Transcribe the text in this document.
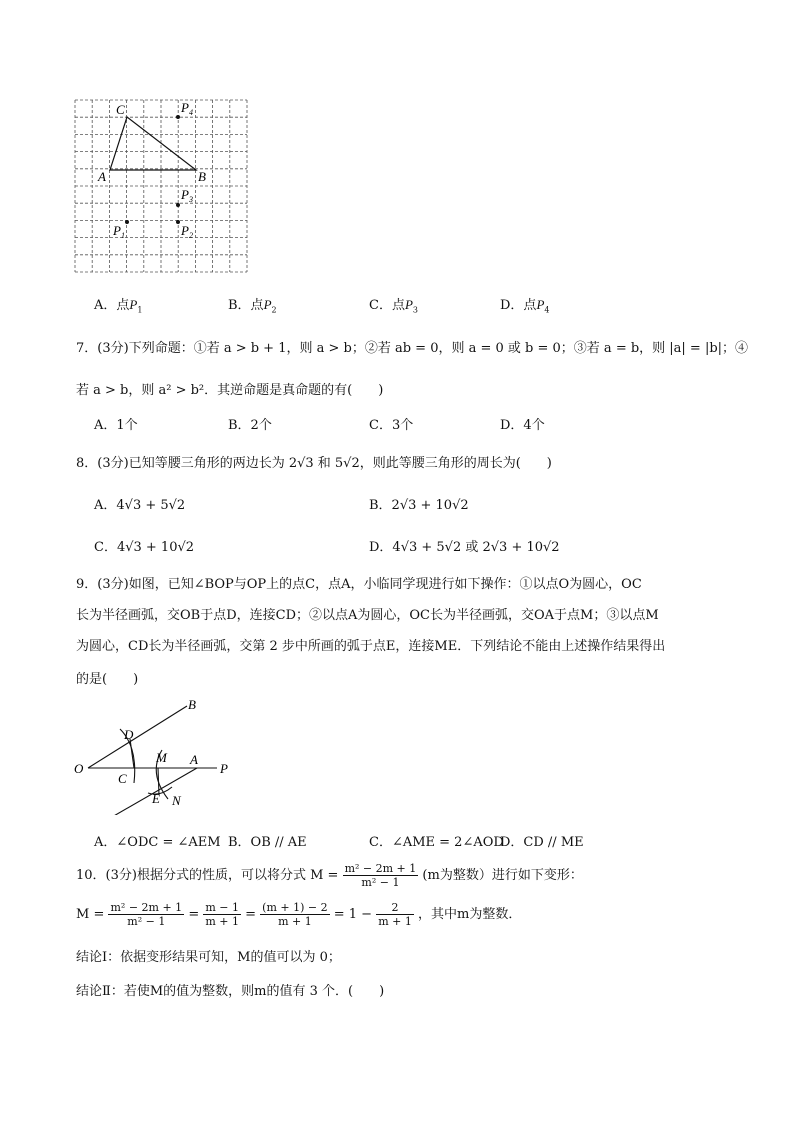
C
A	B
$P_4$
$P_3$
$P_2$
$P_1$
A．点$P_1$	B．点$P_2$	C．点$P_3$	D．点$P_4$
7．(3分)下列命题：①若 a > b + 1，则 a > b；②若 ab = 0，则 a = 0 或 b = 0；③若 a = b，则 |a| = |b|；④
若 a > b，则 a² > b²．其逆命题是真命题的有(　　)
A．1个	B．2个	C．3个	D．4个
8．(3分)已知等腰三角形的两边长为 2√3 和 5√2，则此等腰三角形的周长为(　　)
A．4√3 + 5√2	B．2√3 + 10√2
C．4√3 + 10√2	D．4√3 + 5√2 或 2√3 + 10√2
9．(3分)如图，已知∠BOP与OP上的点C，点A，小临同学现进行如下操作：①以点O为圆心，OC
长为半径画弧，交OB于点D，连接CD；②以点A为圆心，OC长为半径画弧，交OA于点M；③以点M
为圆心，CD长为半径画弧，交第 2 步中所画的弧于点E，连接ME．下列结论不能由上述操作结果得出
的是(　　)
O
B
D
C
M A
P
E N
A．∠ODC = ∠AEM B．OB // AE	C．∠AME = 2∠AOD
D．CD // ME
10．(3分)根据分式的性质，可以将分式 $M = \frac{\text{m² − 2m + 1}}{\text{m² − 1}} (m$为整数）进行如下变形：
$M = \frac{\text{m² − 2m + 1}}{\text{m² − 1}} = \frac{m - 1}{m + 1} = \frac{(m + 1) - 2}{m + 1} = 1 - \frac{2}{m + 1}$ ，其中m为整数．
结论Ⅰ：依据变形结果可知，M的值可以为 0；
结论Ⅱ：若使M的值为整数，则m的值有 3 个．(　　)
